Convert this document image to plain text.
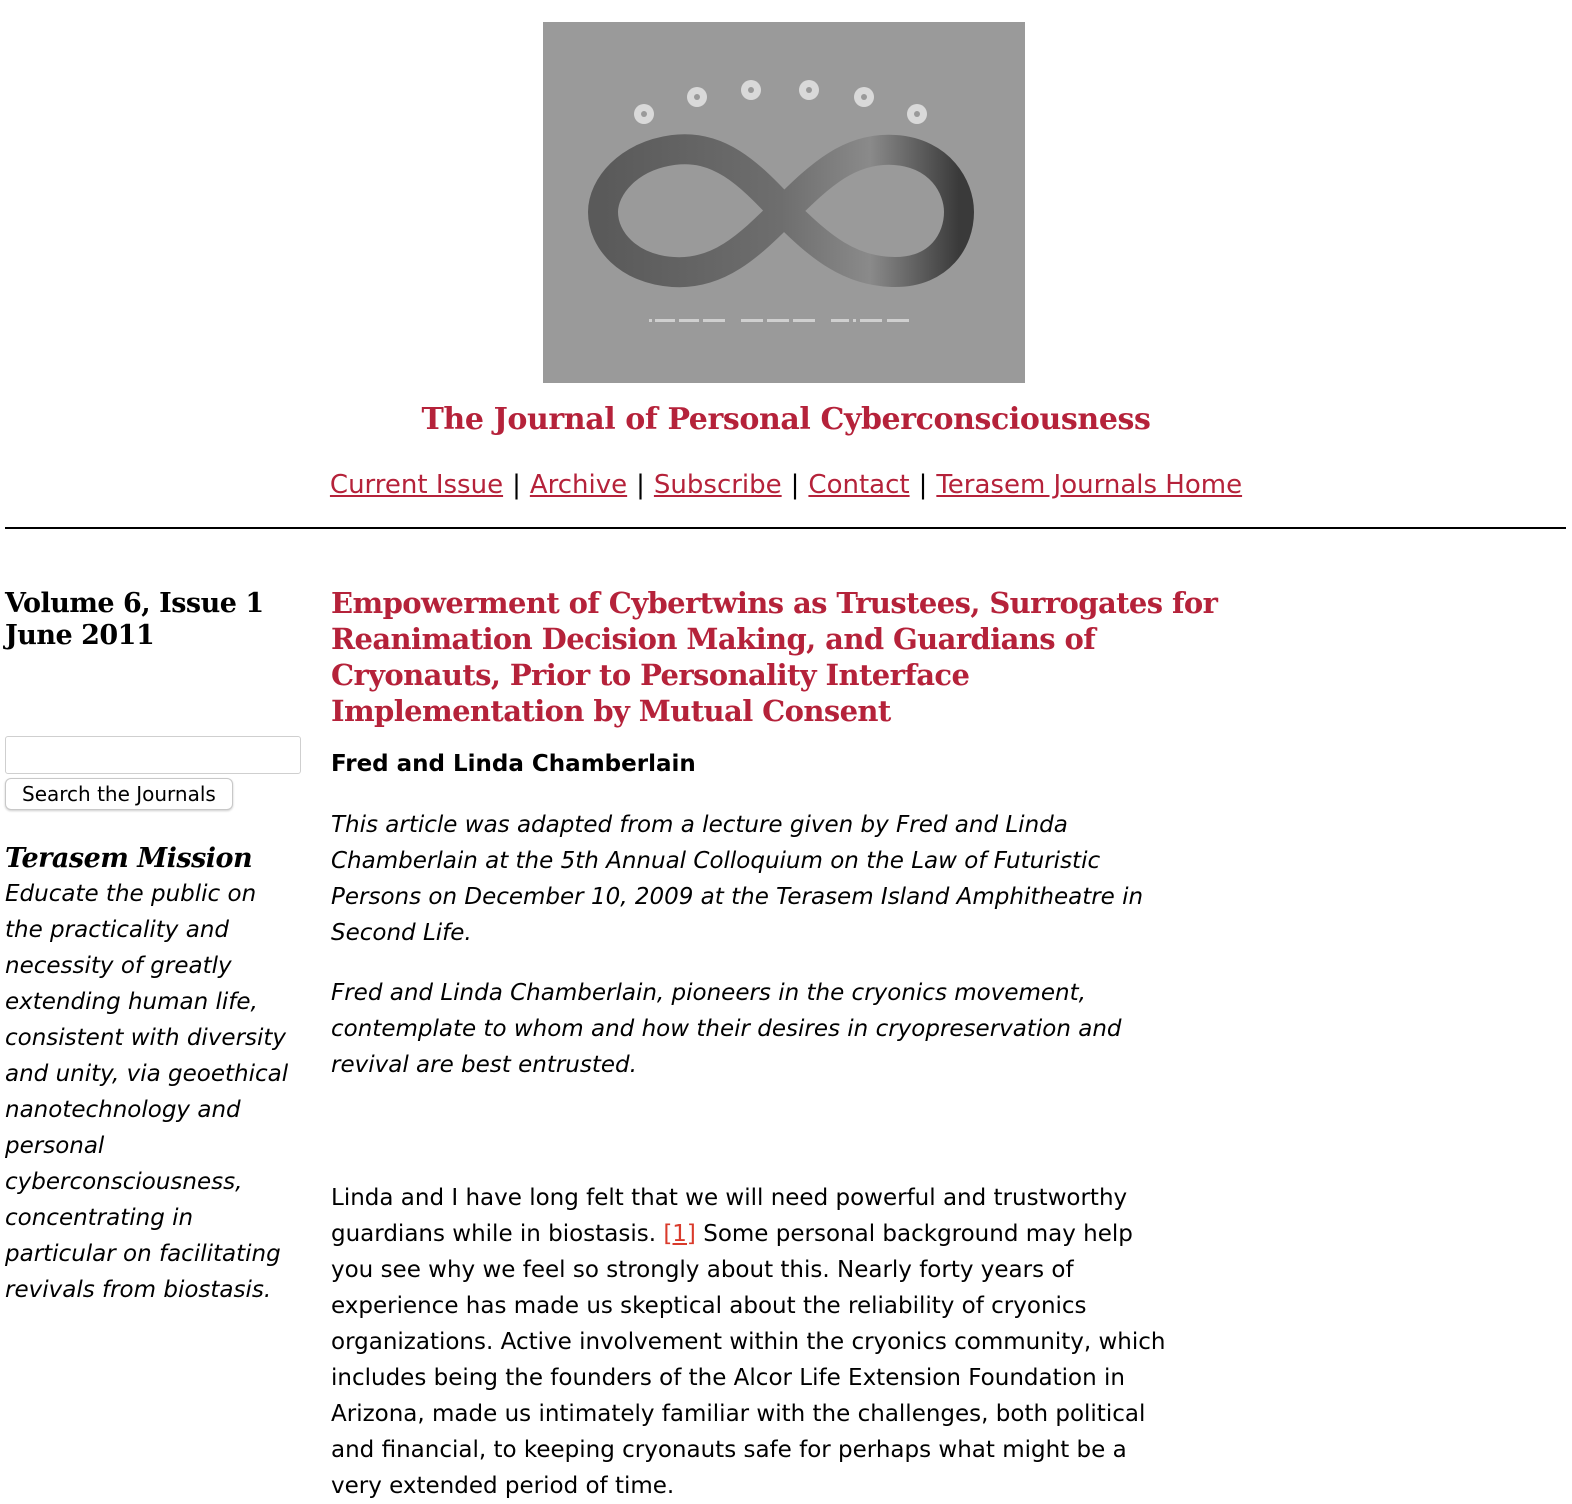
The Journal of Personal Cyberconsciousness
Current Issue | Archive | Subscribe | Contact | Terasem Journals Home
Volume 6, Issue 1
June 2011
Search the Journals
Terasem Mission
Educate the public on
the practicality and
necessity of greatly
extending human life,
consistent with diversity
and unity, via geoethical
nanotechnology and
personal
cyberconsciousness,
concentrating in
particular on facilitating
revivals from biostasis.
Empowerment of Cybertwins as Trustees, Surrogates for
Reanimation Decision Making, and Guardians of
Cryonauts, Prior to Personality Interface
Implementation by Mutual Consent
Fred and Linda Chamberlain
This article was adapted from a lecture given by Fred and Linda
Chamberlain at the 5th Annual Colloquium on the Law of Futuristic
Persons on December 10, 2009 at the Terasem Island Amphitheatre in
Second Life.
Fred and Linda Chamberlain, pioneers in the cryonics movement,
contemplate to whom and how their desires in cryopreservation and
revival are best entrusted.
Linda and I have long felt that we will need powerful and trustworthy
guardians while in biostasis. [1] Some personal background may help
you see why we feel so strongly about this. Nearly forty years of
experience has made us skeptical about the reliability of cryonics
organizations. Active involvement within the cryonics community, which
includes being the founders of the Alcor Life Extension Foundation in
Arizona, made us intimately familiar with the challenges, both political
and financial, to keeping cryonauts safe for perhaps what might be a
very extended period of time.
